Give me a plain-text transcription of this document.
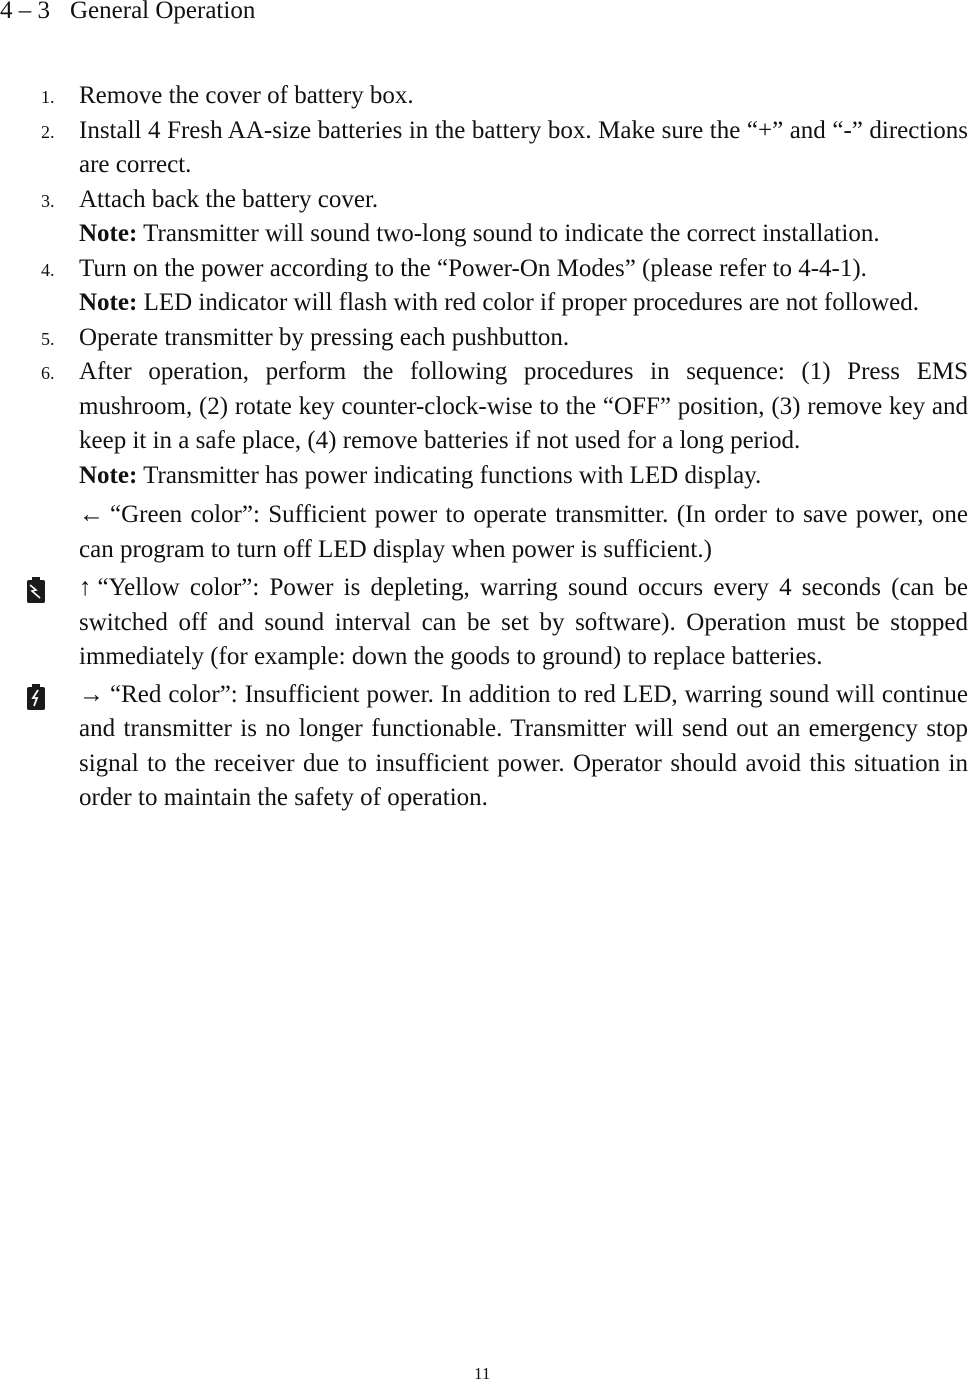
4 – 3 General Operation
1. Remove the cover of battery box.
2. Install 4 Fresh AA-size batteries in the battery box. Make sure the “+” and “-” directions are correct.
3. Attach back the battery cover.
Note: Transmitter will sound two-long sound to indicate the correct installation.
4. Turn on the power according to the “Power-On Modes” (please refer to 4-4-1).
Note: LED indicator will flash with red color if proper procedures are not followed.
5. Operate transmitter by pressing each pushbutton.
6. After operation, perform the following procedures in sequence: (1) Press EMS mushroom, (2) rotate key counter-clock-wise to the “OFF” position, (3) remove key and keep it in a safe place, (4) remove batteries if not used for a long period.
Note: Transmitter has power indicating functions with LED display.
← “Green color”: Sufficient power to operate transmitter. (In order to save power, one can program to turn off LED display when power is sufficient.)
↑ “Yellow color”: Power is depleting, warring sound occurs every 4 seconds (can be switched off and sound interval can be set by software). Operation must be stopped immediately (for example: down the goods to ground) to replace batteries.
→ “Red color”: Insufficient power. In addition to red LED, warring sound will continue and transmitter is no longer functionable. Transmitter will send out an emergency stop signal to the receiver due to insufficient power. Operator should avoid this situation in order to maintain the safety of operation.
11
